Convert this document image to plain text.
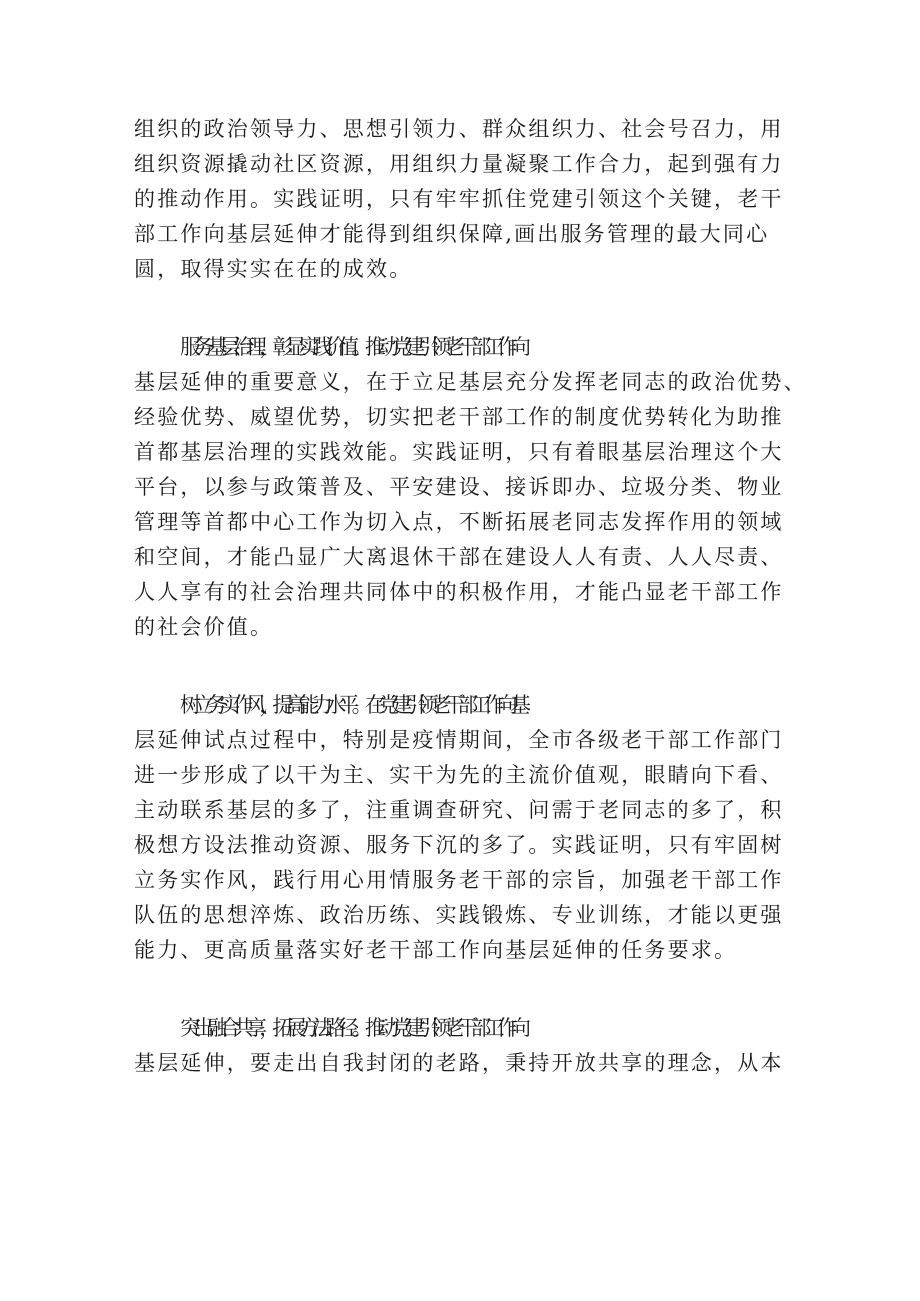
组织的政治领导力、思想引领力、群众组织力、社会号召力，用
组织资源撬动社区资源，用组织力量凝聚工作合力，起到强有力
的推动作用。实践证明，只有牢牢抓住党建引领这个关键，老干
部工作向基层延伸才能得到组织保障,画出服务管理的最大同心
圆，取得实实在在的成效。
服务基层治理，彰显实践价值。推动党建引领老干部工作向
基层延伸的重要意义，在于立足基层充分发挥老同志的政治优势、
经验优势、威望优势，切实把老干部工作的制度优势转化为助推
首都基层治理的实践效能。实践证明，只有着眼基层治理这个大
平台，以参与政策普及、平安建设、接诉即办、垃圾分类、物业
管理等首都中心工作为切入点，不断拓展老同志发挥作用的领域
和空间，才能凸显广大离退休干部在建设人人有责、人人尽责、
人人享有的社会治理共同体中的积极作用，才能凸显老干部工作
的社会价值。
树立务实作风，提高能力水平。在党建引领老干部工作向基
层延伸试点过程中，特别是疫情期间，全市各级老干部工作部门
进一步形成了以干为主、实干为先的主流价值观，眼睛向下看、
主动联系基层的多了，注重调查研究、问需于老同志的多了，积
极想方设法推动资源、服务下沉的多了。实践证明，只有牢固树
立务实作风，践行用心用情服务老干部的宗旨，加强老干部工作
队伍的思想淬炼、政治历练、实践锻炼、专业训练，才能以更强
能力、更高质量落实好老干部工作向基层延伸的任务要求。
突出融合共享，拓展方法路径。推动党建引领老干部工作向
基层延伸，要走出自我封闭的老路，秉持开放共享的理念，从本
